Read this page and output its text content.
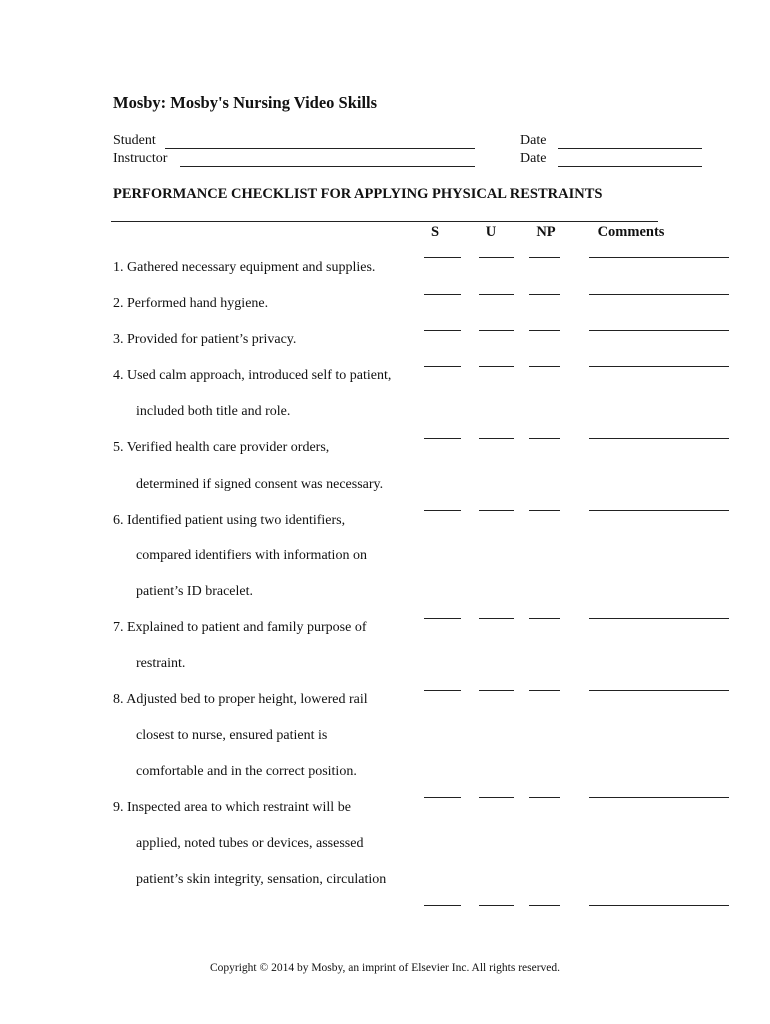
Mosby: Mosby's Nursing Video Skills
Student
Instructor
Date
Date
PERFORMANCE CHECKLIST FOR APPLYING PHYSICAL RESTRAINTS
S	U	NP	Comments
1. Gathered necessary equipment and supplies.
2. Performed hand hygiene.
3. Provided for patient’s privacy.
4. Used calm approach, introduced self to patient,
included both title and role.
5. Verified health care provider orders,
determined if signed consent was necessary.
6. Identified patient using two identifiers,
compared identifiers with information on
patient’s ID bracelet.
7. Explained to patient and family purpose of
restraint.
8. Adjusted bed to proper height, lowered rail
closest to nurse, ensured patient is
comfortable and in the correct position.
9. Inspected area to which restraint will be
applied, noted tubes or devices, assessed
patient’s skin integrity, sensation, circulation
Copyright © 2014 by Mosby, an imprint of Elsevier Inc. All rights reserved.
